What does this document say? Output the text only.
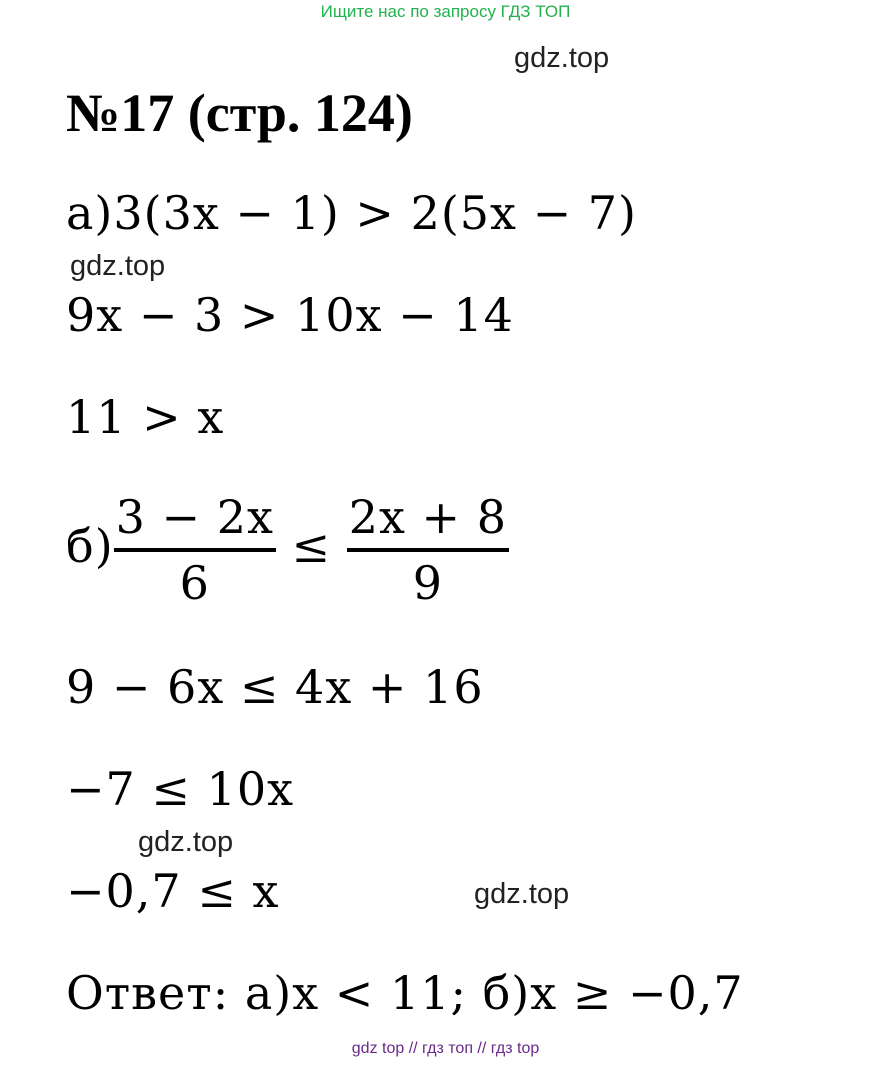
Ищите нас по запросу ГДЗ ТОП
gdz.top
№17 (стр. 124)
а)3(3x − 1) > 2(5x − 7)
gdz.top
9x − 3 > 10x − 14
11 > x
$б) \frac{3 - 2x}{6} \le \frac{2x + 8}{9}$
9 − 6x ≤ 4x + 16
−7 ≤ 10x
gdz.top
−0,7 ≤ x	gdz.top
Ответ: а)x < 11; б)x ≥ −0,7
gdz top // гдз топ // гдз top
